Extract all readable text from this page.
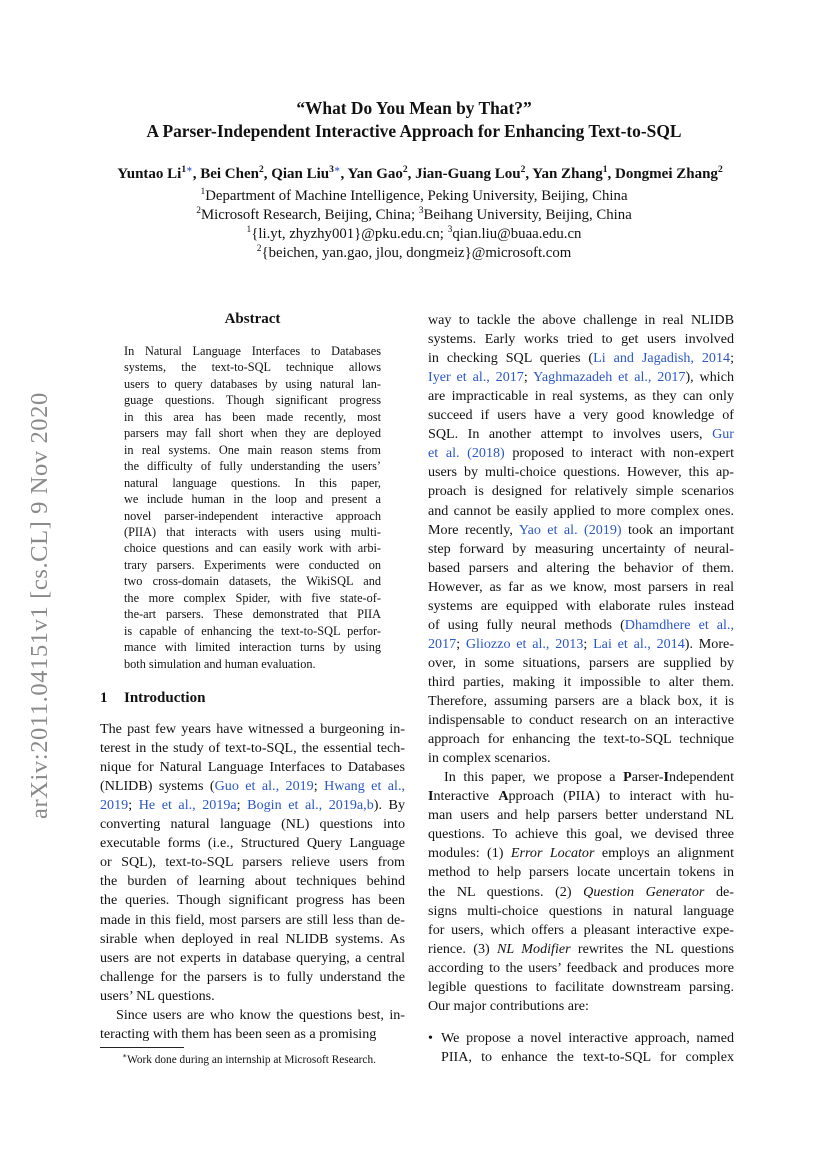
arXiv:2011.04151v1 [cs.CL] 9 Nov 2020
“What Do You Mean by That?”
A Parser-Independent Interactive Approach for Enhancing Text-to-SQL
Yuntao $Li^{1∗}$, Bei Chen$^2$, Qian Liu$^{3∗}$, Yan Gao$^2$, Jian-Guang Lou$^2$, Yan Zhang$^1$, Dongmei Zhang$^2$
$^1$Department of Machine Intelligence, Peking University, Beijing, China
$^2$Microsoft Research, Beijing, China; $^3$Beihang University, Beijing, China
$^1${li.yt, zhyzhy001}@pku.edu.cn; $^3$qian.liu@buaa.edu.cn
$^2${beichen, yan.gao, jlou, dongmeiz}@microsoft.com
Abstract
In Natural Language Interfaces to Databases
systems, the text-to-SQL technique allows
users to query databases by using natural lan-
guage questions. Though significant progress
in this area has been made recently, most
parsers may fall short when they are deployed
in real systems. One main reason stems from
the difficulty of fully understanding the users’
natural language questions. In this paper,
we include human in the loop and present a
novel parser-independent interactive approach
(PIIA) that interacts with users using multi-
choice questions and can easily work with arbi-
trary parsers. Experiments were conducted on
two cross-domain datasets, the WikiSQL and
the more complex Spider, with five state-of-
the-art parsers. These demonstrated that PIIA
is capable of enhancing the text-to-SQL perfor-
mance with limited interaction turns by using
both simulation and human evaluation.
1 Introduction
The past few years have witnessed a burgeoning in-
terest in the study of text-to-SQL, the essential tech-
nique for Natural Language Interfaces to Databases
(NLIDB) systems (Guo et al., 2019; Hwang et al.,
2019; He et al., 2019a; Bogin et al., 2019a,b). By
converting natural language (NL) questions into
executable forms (i.e., Structured Query Language
or SQL), text-to-SQL parsers relieve users from
the burden of learning about techniques behind
the queries. Though significant progress has been
made in this field, most parsers are still less than de-
sirable when deployed in real NLIDB systems. As
users are not experts in database querying, a central
challenge for the parsers is to fully understand the
users’ NL questions.
Since users are who know the questions best, in-
teracting with them has been seen as a promising
∗Work done during an internship at Microsoft Research.
way to tackle the above challenge in real NLIDB
systems. Early works tried to get users involved
in checking SQL queries (Li and Jagadish, 2014;
Iyer et al., 2017; Yaghmazadeh et al., 2017), which
are impracticable in real systems, as they can only
succeed if users have a very good knowledge of
SQL. In another attempt to involves users, Gur
et al. (2018) proposed to interact with non-expert
users by multi-choice questions. However, this ap-
proach is designed for relatively simple scenarios
and cannot be easily applied to more complex ones.
More recently, Yao et al. (2019) took an important
step forward by measuring uncertainty of neural-
based parsers and altering the behavior of them.
However, as far as we know, most parsers in real
systems are equipped with elaborate rules instead
of using fully neural methods (Dhamdhere et al.,
2017; Gliozzo et al., 2013; Lai et al., 2014). More-
over, in some situations, parsers are supplied by
third parties, making it impossible to alter them.
Therefore, assuming parsers are a black box, it is
indispensable to conduct research on an interactive
approach for enhancing the text-to-SQL technique
in complex scenarios.
In this paper, we propose a Parser-Independent
Interactive Approach (PIIA) to interact with hu-
man users and help parsers better understand NL
questions. To achieve this goal, we devised three
modules: (1) Error Locator employs an alignment
method to help parsers locate uncertain tokens in
the NL questions. (2) Question Generator de-
signs multi-choice questions in natural language
for users, which offers a pleasant interactive expe-
rience. (3) NL Modifier rewrites the NL questions
according to the users’ feedback and produces more
legible questions to facilitate downstream parsing.
Our major contributions are:
We propose a novel interactive approach, named
PIIA, to enhance the text-to-SQL for complex
•
